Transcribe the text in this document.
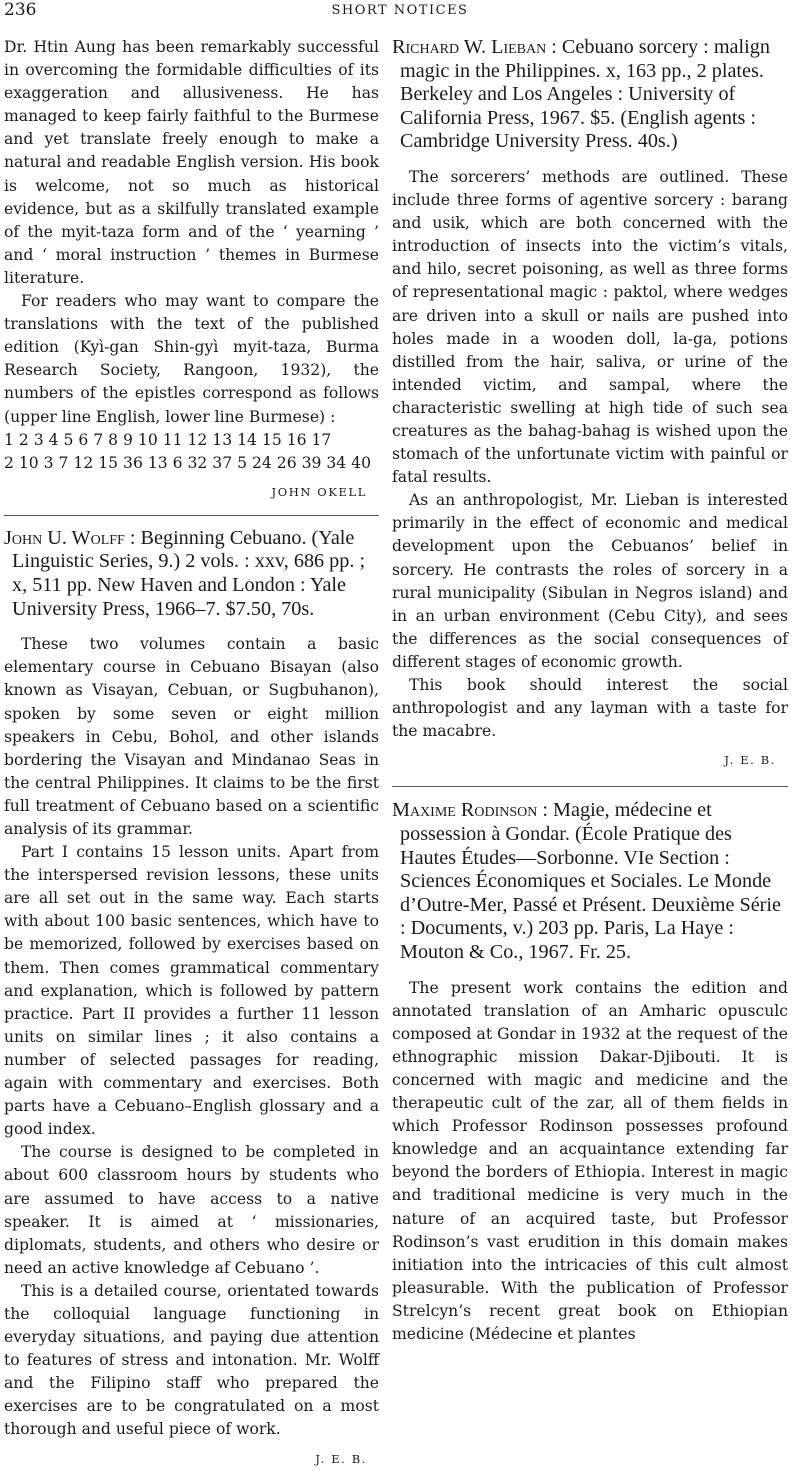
236	SHORT NOTICES

Dr. Htin Aung has been remarkably successful in overcoming the formidable difficulties of its exaggeration and allusiveness. He has managed to keep fairly faithful to the Burmese and yet translate freely enough to make a natural and readable English version. His book is welcome, not so much as historical evidence, but as a skilfully translated example of the myit-taza form and of the ‘ yearning ’ and ‘ moral instruction ’ themes in Burmese literature.

For readers who may want to compare the translations with the text of the published edition (Kyì-gan Shin-gyì myit-taza, Burma Research Society, Rangoon, 1932), the numbers of the epistles correspond as follows (upper line English, lower line Burmese) :

1 2 3 4 5 6 7 8 9 10 11 12 13 14 15 16 17
2 10 3 7 12 15 36 13 6 32 37 5 24 26 39 34 40
JOHN OKELL

John U. Wolff : Beginning Cebuano. (Yale Linguistic Series, 9.) 2 vols. : xxv, 686 pp. ; x, 511 pp. New Haven and London : Yale University Press, 1966–7. $7.50, 70s.

These two volumes contain a basic elementary course in Cebuano Bisayan (also known as Visayan, Cebuan, or Sugbuhanon), spoken by some seven or eight million speakers in Cebu, Bohol, and other islands bordering the Visayan and Mindanao Seas in the central Philippines. It claims to be the first full treatment of Cebuano based on a scientific analysis of its grammar.

Part I contains 15 lesson units. Apart from the interspersed revision lessons, these units are all set out in the same way. Each starts with about 100 basic sentences, which have to be memorized, followed by exercises based on them. Then comes grammatical commentary and explanation, which is followed by pattern practice. Part II provides a further 11 lesson units on similar lines ; it also contains a number of selected passages for reading, again with commentary and exercises. Both parts have a Cebuano–English glossary and a good index.

The course is designed to be completed in about 600 classroom hours by students who are assumed to have access to a native speaker. It is aimed at ‘ missionaries, diplomats, students, and others who desire or need an active knowledge af Cebuano ’.

This is a detailed course, orientated towards the colloquial language functioning in everyday situations, and paying due attention to features of stress and intonation. Mr. Wolff and the Filipino staff who prepared the exercises are to be congratulated on a most thorough and useful piece of work.

J. E. B.

Richard W. Lieban : Cebuano sorcery : malign magic in the Philippines. x, 163 pp., 2 plates. Berkeley and Los Angeles : University of California Press, 1967. $5. (English agents : Cambridge University Press. 40s.)

The sorcerers’ methods are outlined. These include three forms of agentive sorcery : barang and usik, which are both concerned with the introduction of insects into the victim’s vitals, and hilo, secret poisoning, as well as three forms of representational magic : paktol, where wedges are driven into a skull or nails are pushed into holes made in a wooden doll, la-ga, potions distilled from the hair, saliva, or urine of the intended victim, and sampal, where the characteristic swelling at high tide of such sea creatures as the bahag-bahag is wished upon the stomach of the unfortunate victim with painful or fatal results.

As an anthropologist, Mr. Lieban is interested primarily in the effect of economic and medical development upon the Cebuanos’ belief in sorcery. He contrasts the roles of sorcery in a rural municipality (Sibulan in Negros island) and in an urban environment (Cebu City), and sees the differences as the social consequences of different stages of economic growth.

This book should interest the social anthropologist and any layman with a taste for the macabre.

J. E. B.

Maxime Rodinson : Magie, médecine et possession à Gondar. (École Pratique des Hautes Études—Sorbonne. VIe Section : Sciences Économiques et Sociales. Le Monde d’Outre-Mer, Passé et Présent. Deuxième Série : Documents, v.) 203 pp. Paris, La Haye : Mouton & Co., 1967. Fr. 25.

The present work contains the edition and annotated translation of an Amharic opusculc composed at Gondar in 1932 at the request of the ethnographic mission Dakar-Djibouti. It is concerned with magic and medicine and the therapeutic cult of the zar, all of them fields in which Professor Rodinson possesses profound knowledge and an acquaintance extending far beyond the borders of Ethiopia. Interest in magic and traditional medicine is very much in the nature of an acquired taste, but Professor Rodinson’s vast erudition in this domain makes initiation into the intricacies of this cult almost pleasurable. With the publication of Professor Strelcyn’s recent great book on Ethiopian medicine (Médecine et plantes
